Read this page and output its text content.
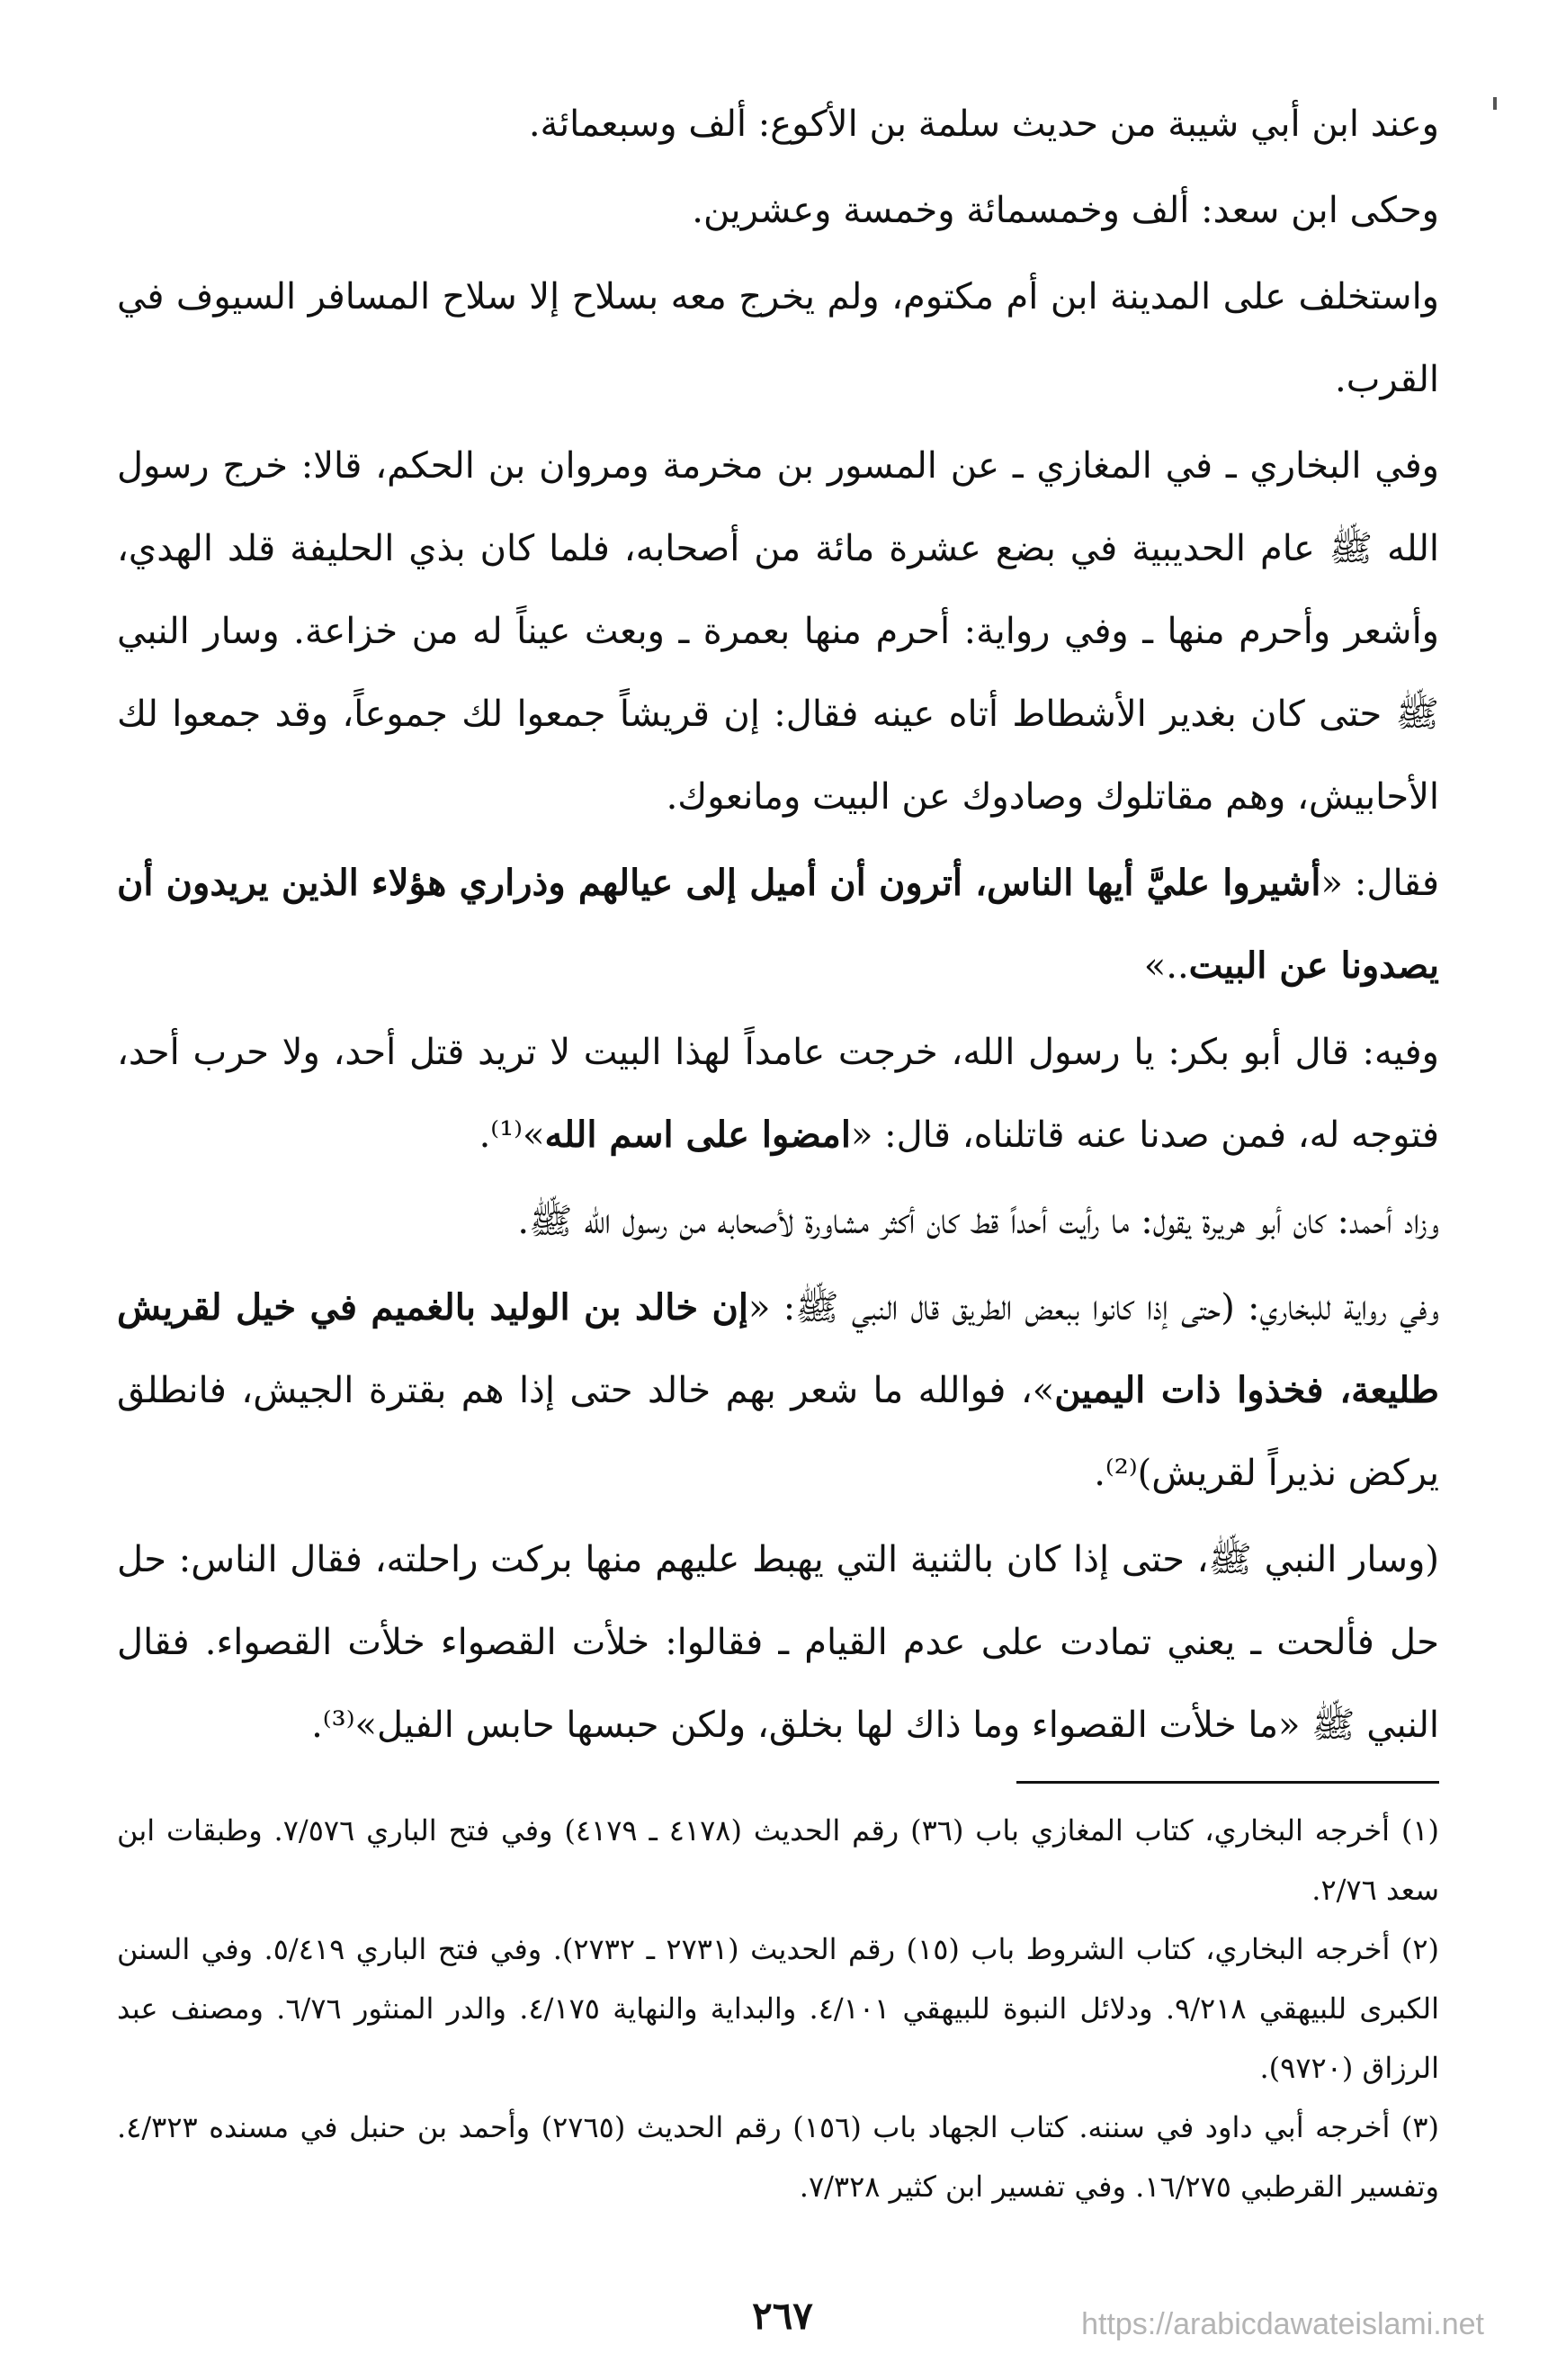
وعند ابن أبي شيبة من حديث سلمة بن الأكوع: ألف وسبعمائة.

وحكى ابن سعد: ألف وخمسمائة وخمسة وعشرين.

واستخلف على المدينة ابن أم مكتوم، ولم يخرج معه بسلاح إلا سلاح المسافر السيوف في القرب.

وفي البخاري ـ في المغازي ـ عن المسور بن مخرمة ومروان بن الحكم، قالا: خرج رسول الله ﷺ عام الحديبية في بضع عشرة مائة من أصحابه، فلما كان بذي الحليفة قلد الهدي، وأشعر وأحرم منها ـ وفي رواية: أحرم منها بعمرة ـ وبعث عيناً له من خزاعة. وسار النبي ﷺ حتى كان بغدير الأشطاط أتاه عينه فقال: إن قريشاً جمعوا لك جموعاً، وقد جمعوا لك الأحابيش، وهم مقاتلوك وصادوك عن البيت ومانعوك.

فقال: «أشيروا عليَّ أيها الناس، أترون أن أميل إلى عيالهم وذراري هؤلاء الذين يريدون أن يصدونا عن البيت..»

وفيه: قال أبو بكر: يا رسول الله، خرجت عامداً لهذا البيت لا تريد قتل أحد، ولا حرب أحد، فتوجه له، فمن صدنا عنه قاتلناه، قال: «امضوا على اسم الله»⁽¹⁾.

وزاد أحمد: كان أبو هريرة يقول: ما رأيت أحداً قط كان أكثر مشاورة لأصحابه من رسول الله ﷺ.

وفي رواية للبخاري: (حتى إذا كانوا ببعض الطريق قال النبي ﷺ: «إن خالد بن الوليد بالغميم في خيل لقريش طليعة، فخذوا ذات اليمين»، فوالله ما شعر بهم خالد حتى إذا هم بقترة الجيش، فانطلق يركض نذيراً لقريش)⁽²⁾.

(وسار النبي ﷺ، حتى إذا كان بالثنية التي يهبط عليهم منها بركت راحلته، فقال الناس: حل حل فألحت ـ يعني تمادت على عدم القيام ـ فقالوا: خلأت القصواء خلأت القصواء. فقال النبي ﷺ «ما خلأت القصواء وما ذاك لها بخلق، ولكن حبسها حابس الفيل»⁽³⁾.

(١) أخرجه البخاري، كتاب المغازي باب (٣٦) رقم الحديث (٤١٧٨ ـ ٤١٧٩) وفي فتح الباري ٧/٥٧٦. وطبقات ابن سعد ٢/٧٦.

(٢) أخرجه البخاري، كتاب الشروط باب (١٥) رقم الحديث (٢٧٣١ ـ ٢٧٣٢). وفي فتح الباري ٥/٤١٩. وفي السنن الكبرى للبيهقي ٩/٢١٨. ودلائل النبوة للبيهقي ٤/١٠١. والبداية والنهاية ٤/١٧٥. والدر المنثور ٦/٧٦. ومصنف عبد الرزاق (٩٧٢٠).

(٣) أخرجه أبي داود في سننه. كتاب الجهاد باب (١٥٦) رقم الحديث (٢٧٦٥) وأحمد بن حنبل في مسنده ٤/٣٢٣. وتفسير القرطبي ١٦/٢٧٥. وفي تفسير ابن كثير ٧/٣٢٨.

٢٦٧	https://arabicdawateislami.net
